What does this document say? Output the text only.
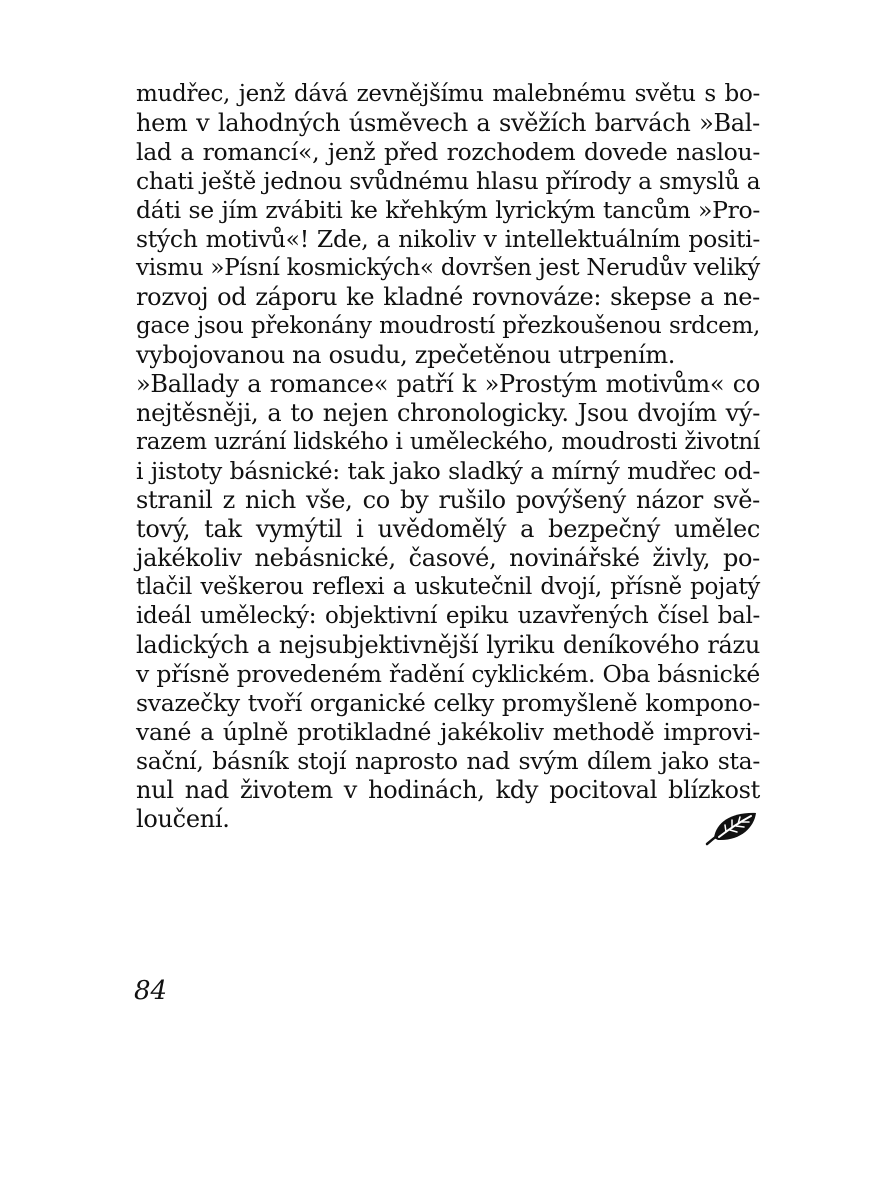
mudřec, jenž dává zevnějšímu malebnému světu s bo-
hem v lahodných úsměvech a svěžích barvách »Bal-
lad a romancí«, jenž před rozchodem dovede naslou-
chati ještě jednou svůdnému hlasu přírody a smyslů a
dáti se jím zvábiti ke křehkým lyrickým tancům »Pro-
stých motivů«! Zde, a nikoliv v intellektuálním positi-
vismu »Písní kosmických« dovršen jest Nerudův veliký
rozvoj od záporu ke kladné rovnováze: skepse a ne-
gace jsou překonány moudrostí přezkoušenou srdcem,
vybojovanou na osudu, zpečetěnou utrpením.
»Ballady a romance« patří k »Prostým motivům« co
nejtěsněji, a to nejen chronologicky. Jsou dvojím vý-
razem uzrání lidského i uměleckého, moudrosti životní
i jistoty básnické: tak jako sladký a mírný mudřec od-
stranil z nich vše, co by rušilo povýšený názor svě-
tový, tak vymýtil i uvědomělý a bezpečný umělec
jakékoliv nebásnické, časové, novinářské živly, po-
tlačil veškerou reflexi a uskutečnil dvojí, přísně pojatý
ideál umělecký: objektivní epiku uzavřených čísel bal-
ladických a nejsubjektivnější lyriku deníkového rázu
v přísně provedeném řadění cyklickém. Oba básnické
svazečky tvoří organické celky promyšleně kompono-
vané a úplně protikladné jakékoliv methodě improvi-
sační, básník stojí naprosto nad svým dílem jako sta-
nul nad životem v hodinách, kdy pocitoval blízkost
loučení.
84
